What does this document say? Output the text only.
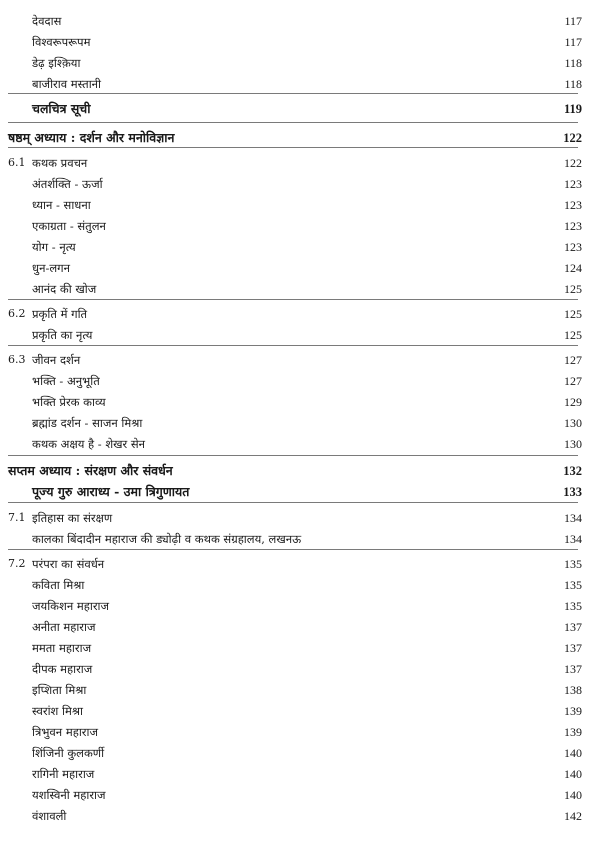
देवदास	117
विश्वरूपरूपम	117
डेढ़ इश्क़िया	118
बाजीराव मस्तानी	118
चलचित्र सूची	119
षष्ठम् अध्याय : दर्शन और मनोविज्ञान	122
6.1 कथक प्रवचन	122
अंतर्शक्ति - ऊर्जा	123
ध्यान - साधना	123
एकाग्रता - संतुलन	123
योग - नृत्य	123
धुन-लगन	124
आनंद की खोज	125
6.2 प्रकृति में गति	125
प्रकृति का नृत्य	125
6.3 जीवन दर्शन	127
भक्ति - अनुभूति	127
भक्ति प्रेरक काव्य	129
ब्रह्मांड दर्शन - साजन मिश्रा	130
कथक अक्षय है - शेखर सेन	130
सप्तम अध्याय : संरक्षण और संवर्धन	132
पूज्य गुरु आराध्य - उमा त्रिगुणायत	133
7.1 इतिहास का संरक्षण	134
कालका बिंदादीन महाराज की ड्योढ़ी व कथक संग्रहालय, लखनऊ	134
7.2 परंपरा का संवर्धन	135
कविता मिश्रा	135
जयकिशन महाराज	135
अनीता महाराज	137
ममता महाराज	137
दीपक महाराज	137
इप्शिता मिश्रा	138
स्वरांश मिश्रा	139
त्रिभुवन महाराज	139
शिंजिनी कुलकर्णी	140
रागिनी महाराज	140
यशस्विनी महाराज	140
वंशावली	142
